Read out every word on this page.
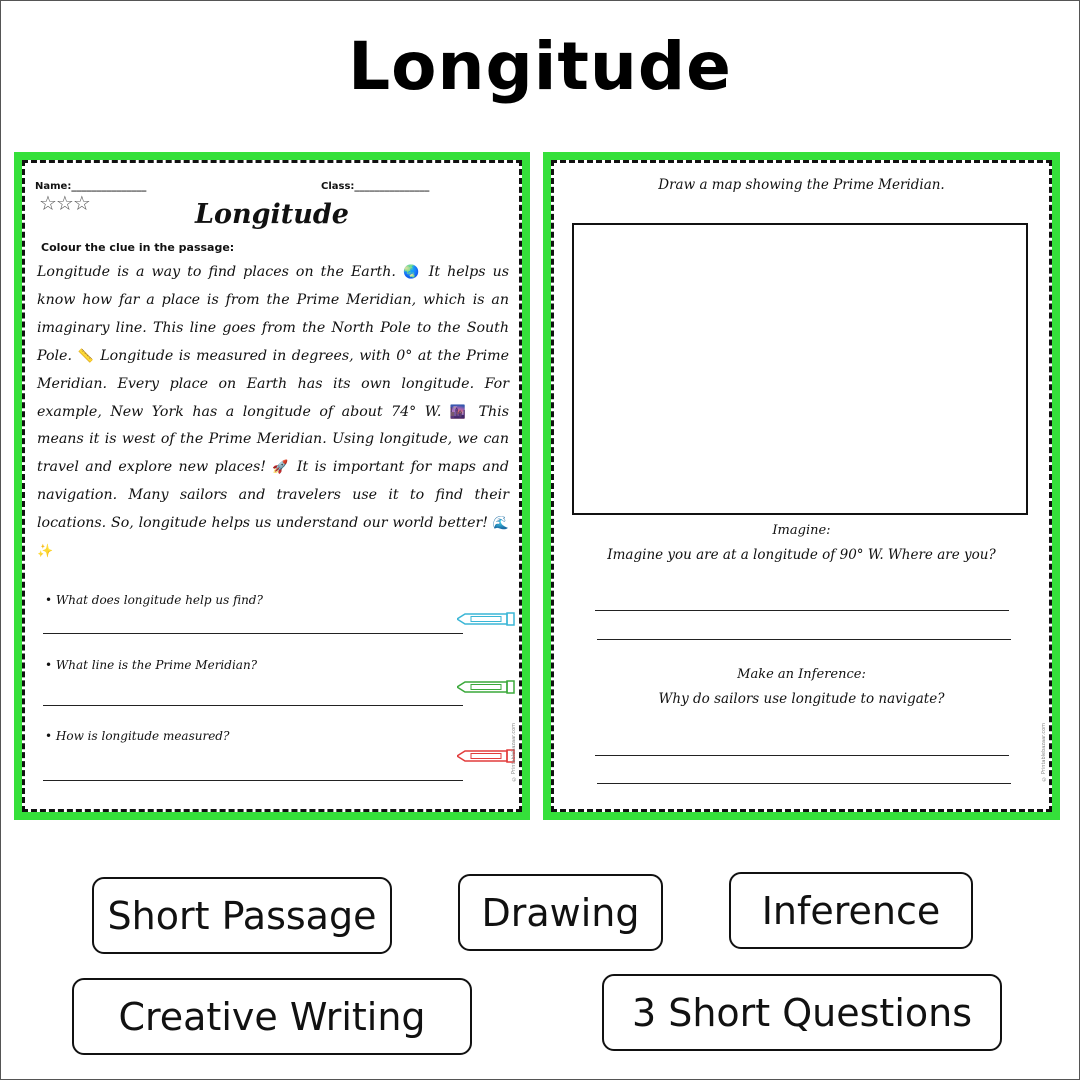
Longitude
Name:_______________	Class:_______________
☆☆☆	Longitude
Colour the clue in the passage:
Longitude is a way to find places on the Earth. 🌏 It helps us know how far a place is from the Prime Meridian, which is an imaginary line. This line goes from the North Pole to the South Pole. 📏 Longitude is measured in degrees, with 0° at the Prime Meridian. Every place on Earth has its own longitude. For example, New York has a longitude of about 74° W. 🌆 This means it is west of the Prime Meridian. Using longitude, we can travel and explore new places! 🚀 It is important for maps and navigation. Many sailors and travelers use it to find their locations. So, longitude helps us understand our world better! 🌊✨
• What does longitude help us find?
• What line is the Prime Meridian?
• How is longitude measured?	© Printablebazaar.com
Draw a map showing the Prime Meridian.
Imagine:
Imagine you are at a longitude of 90° W. Where are you?
Make an Inference:
Why do sailors use longitude to navigate?
© Printablebazaar.com
Short Passage	Drawing	Inference
Creative Writing	3 Short Questions
